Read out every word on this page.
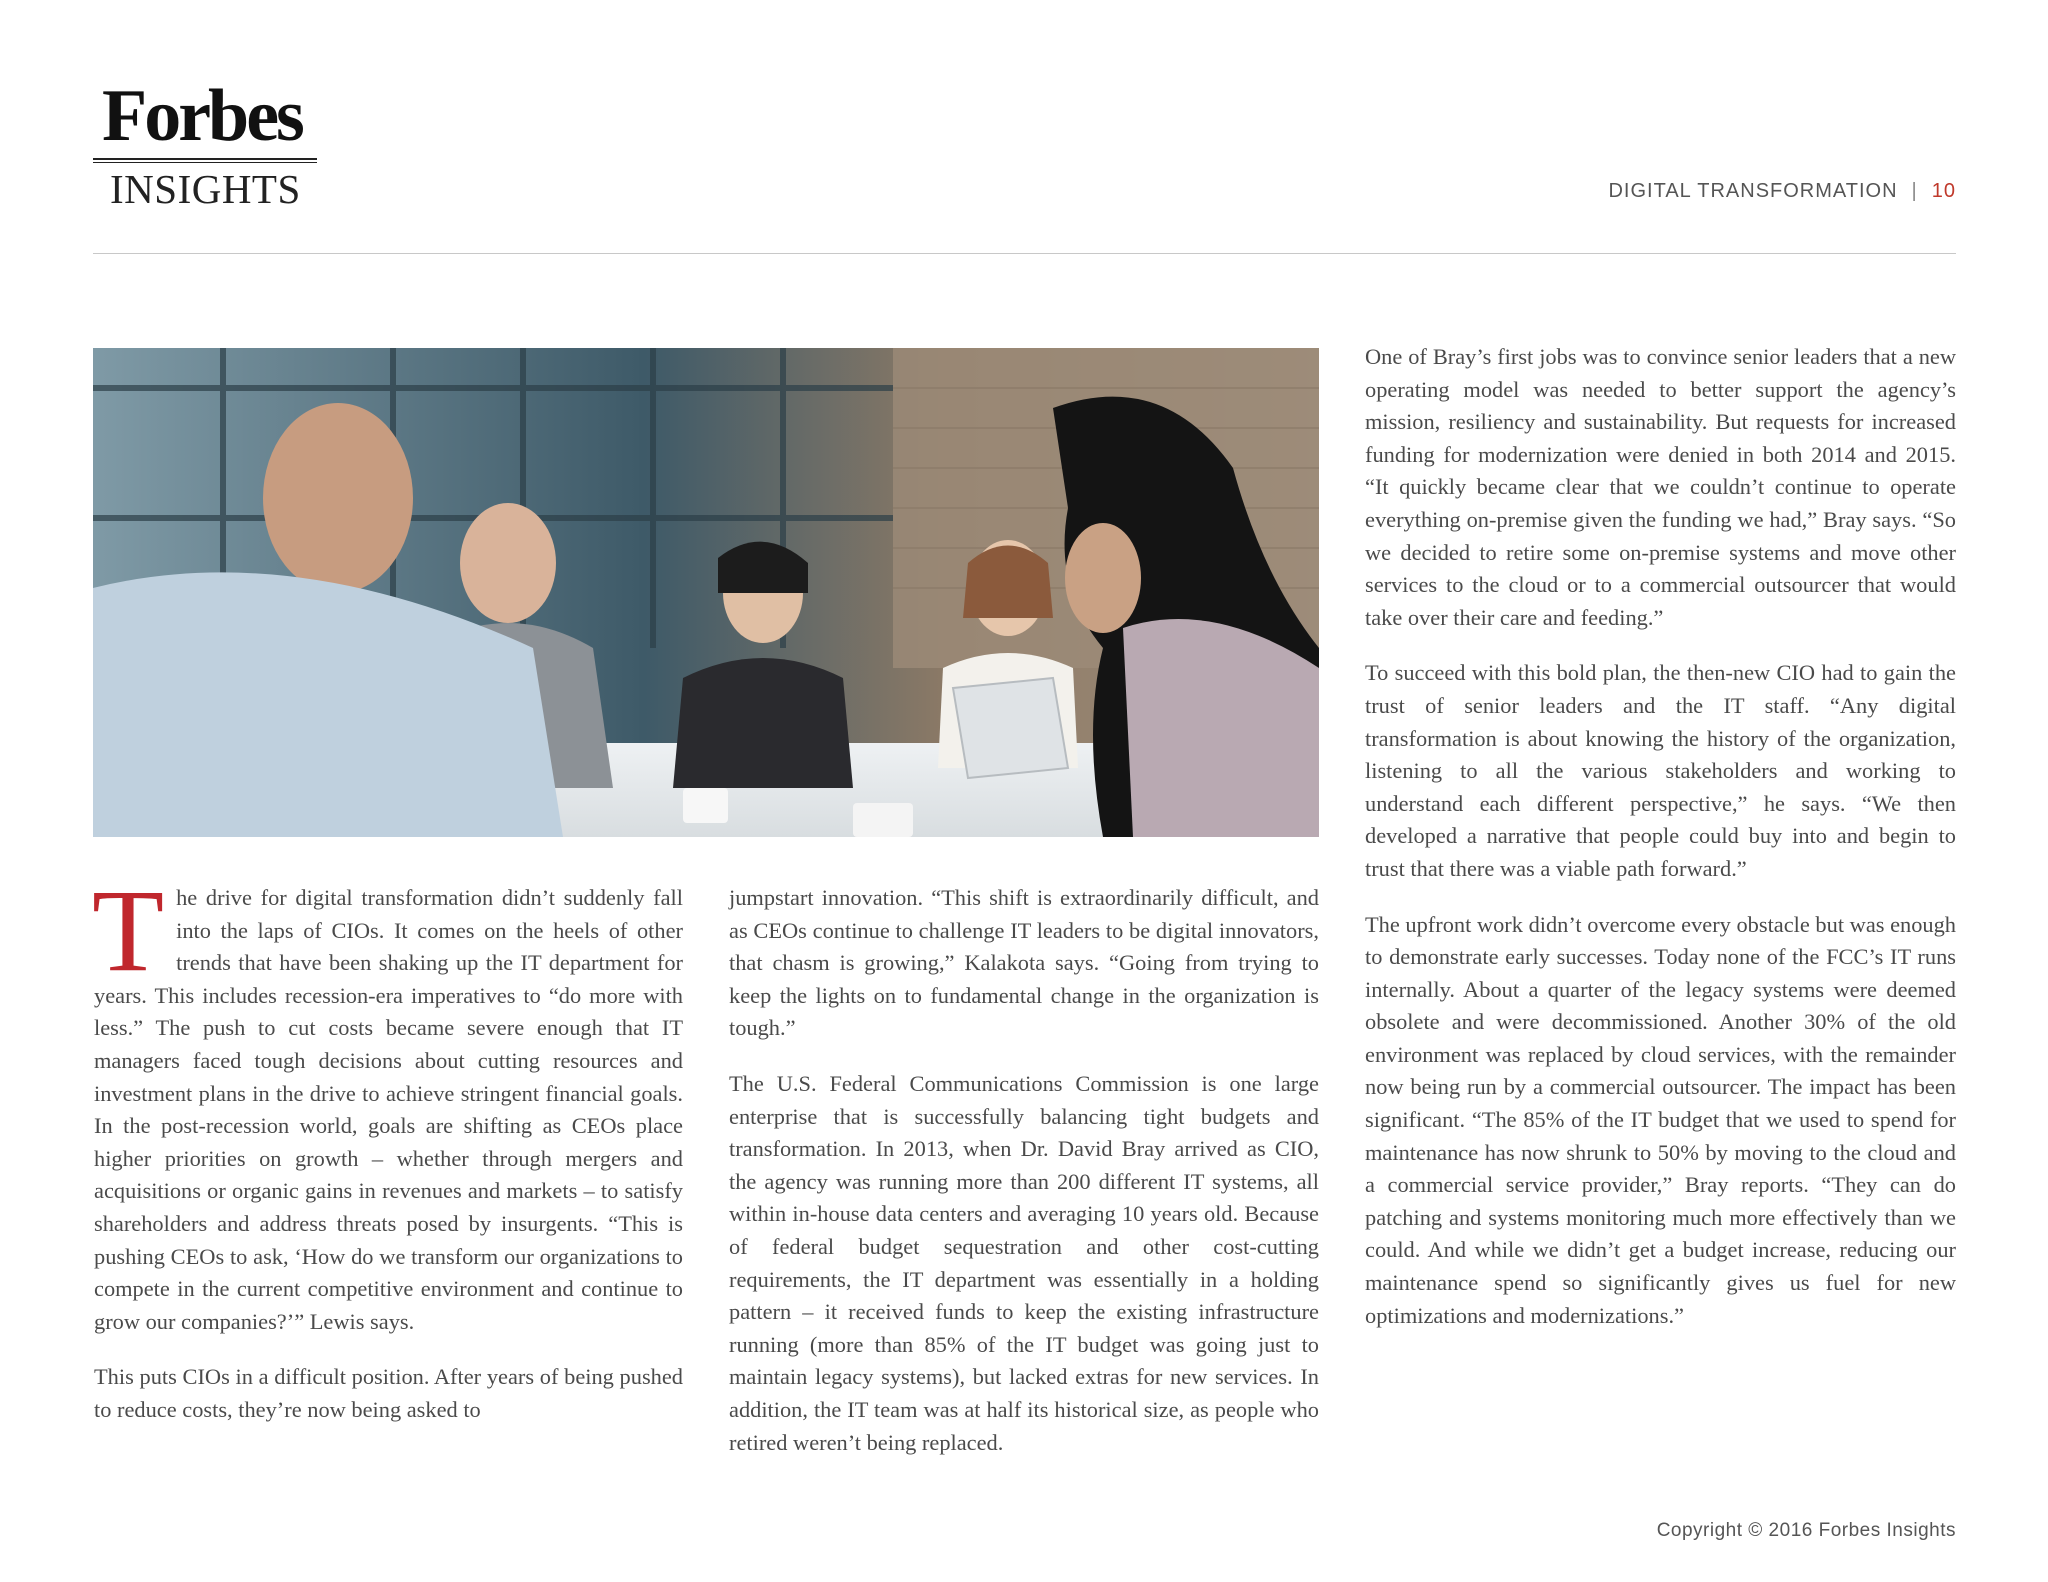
Forbes
INSIGHTS	DIGITAL TRANSFORMATION | 10

The drive for digital transformation didn’t suddenly fall into the laps of CIOs. It comes on the heels of other trends that have been shaking up the IT department for years. This includes recession-era imperatives to “do more with less.” The push to cut costs became severe enough that IT managers faced tough decisions about cutting resources and investment plans in the drive to achieve stringent financial goals. In the post-recession world, goals are shifting as CEOs place higher priorities on growth – whether through mergers and acquisitions or organic gains in revenues and markets – to satisfy shareholders and address threats posed by insurgents. “This is pushing CEOs to ask, ‘How do we transform our organizations to compete in the current competitive environment and continue to grow our companies?’” Lewis says.

This puts CIOs in a difficult position. After years of being pushed to reduce costs, they’re now being asked to

jumpstart innovation. “This shift is extraordinarily difficult, and as CEOs continue to challenge IT leaders to be digital innovators, that chasm is growing,” Kalakota says. “Going from trying to keep the lights on to fundamental change in the organization is tough.”

The U.S. Federal Communications Commission is one large enterprise that is successfully balancing tight budgets and transformation. In 2013, when Dr. David Bray arrived as CIO, the agency was running more than 200 different IT systems, all within in-house data centers and averaging 10 years old. Because of federal budget sequestration and other cost-cutting requirements, the IT department was essentially in a holding pattern – it received funds to keep the existing infrastructure running (more than 85% of the IT budget was going just to maintain legacy systems), but lacked extras for new services. In addition, the IT team was at half its historical size, as people who retired weren’t being replaced.

One of Bray’s first jobs was to convince senior leaders that a new operating model was needed to better support the agency’s mission, resiliency and sustainability. But requests for increased funding for modernization were denied in both 2014 and 2015. “It quickly became clear that we couldn’t continue to operate everything on-premise given the funding we had,” Bray says. “So we decided to retire some on-premise systems and move other services to the cloud or to a commercial outsourcer that would take over their care and feeding.”

To succeed with this bold plan, the then-new CIO had to gain the trust of senior leaders and the IT staff. “Any digital transformation is about knowing the history of the organization, listening to all the various stakeholders and working to understand each different perspective,” he says. “We then developed a narrative that people could buy into and begin to trust that there was a viable path forward.”

The upfront work didn’t overcome every obstacle but was enough to demonstrate early successes. Today none of the FCC’s IT runs internally. About a quarter of the legacy systems were deemed obsolete and were decommissioned. Another 30% of the old environment was replaced by cloud services, with the remainder now being run by a commercial outsourcer. The impact has been significant. “The 85% of the IT budget that we used to spend for maintenance has now shrunk to 50% by moving to the cloud and a commercial service provider,” Bray reports. “They can do patching and systems monitoring much more effectively than we could. And while we didn’t get a budget increase, reducing our maintenance spend so significantly gives us fuel for new optimizations and modernizations.”

Copyright © 2016 Forbes Insights
